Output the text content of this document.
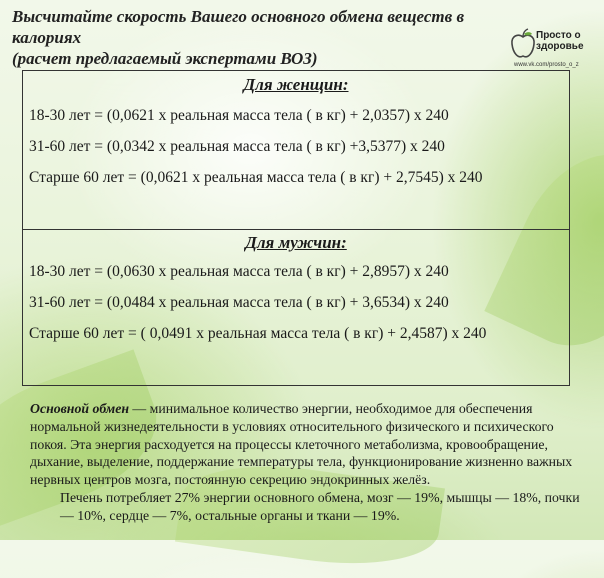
Высчитайте скорость Вашего основного обмена веществ в калориях
(расчет предлагаемый экспертами ВОЗ)
Просто о
здоровье
www.vk.com/prosto_o_z
Для женщин:
18-30 лет = (0,0621 х реальная масса тела ( в кг) + 2,0357) х 240
31-60 лет = (0,0342 х реальная масса тела ( в кг) +3,5377) х 240
Старше 60 лет = (0,0621 х реальная масса тела ( в кг) + 2,7545) х 240
Для мужчин:
18-30 лет = (0,0630 х реальная масса тела ( в кг) + 2,8957) х 240
31-60 лет = (0,0484 х реальная масса тела ( в кг) + 3,6534) х 240
Старше 60 лет = ( 0,0491 х реальная масса тела ( в кг) + 2,4587) х 240

Основной обмен — минимальное количество энергии, необходимое для обеспечения нормальной жизнедеятельности в условиях относительного физического и психического покоя. Эта энергия расходуется на процессы клеточного метаболизма, кровообращение, дыхание, выделение, поддержание температуры тела, функционирование жизненно важных нервных центров мозга, постоянную секрецию эндокринных желёз.

Печень потребляет 27% энергии основного обмена, мозг — 19%, мышцы — 18%, почки — 10%, сердце — 7%, остальные органы и ткани — 19%.
